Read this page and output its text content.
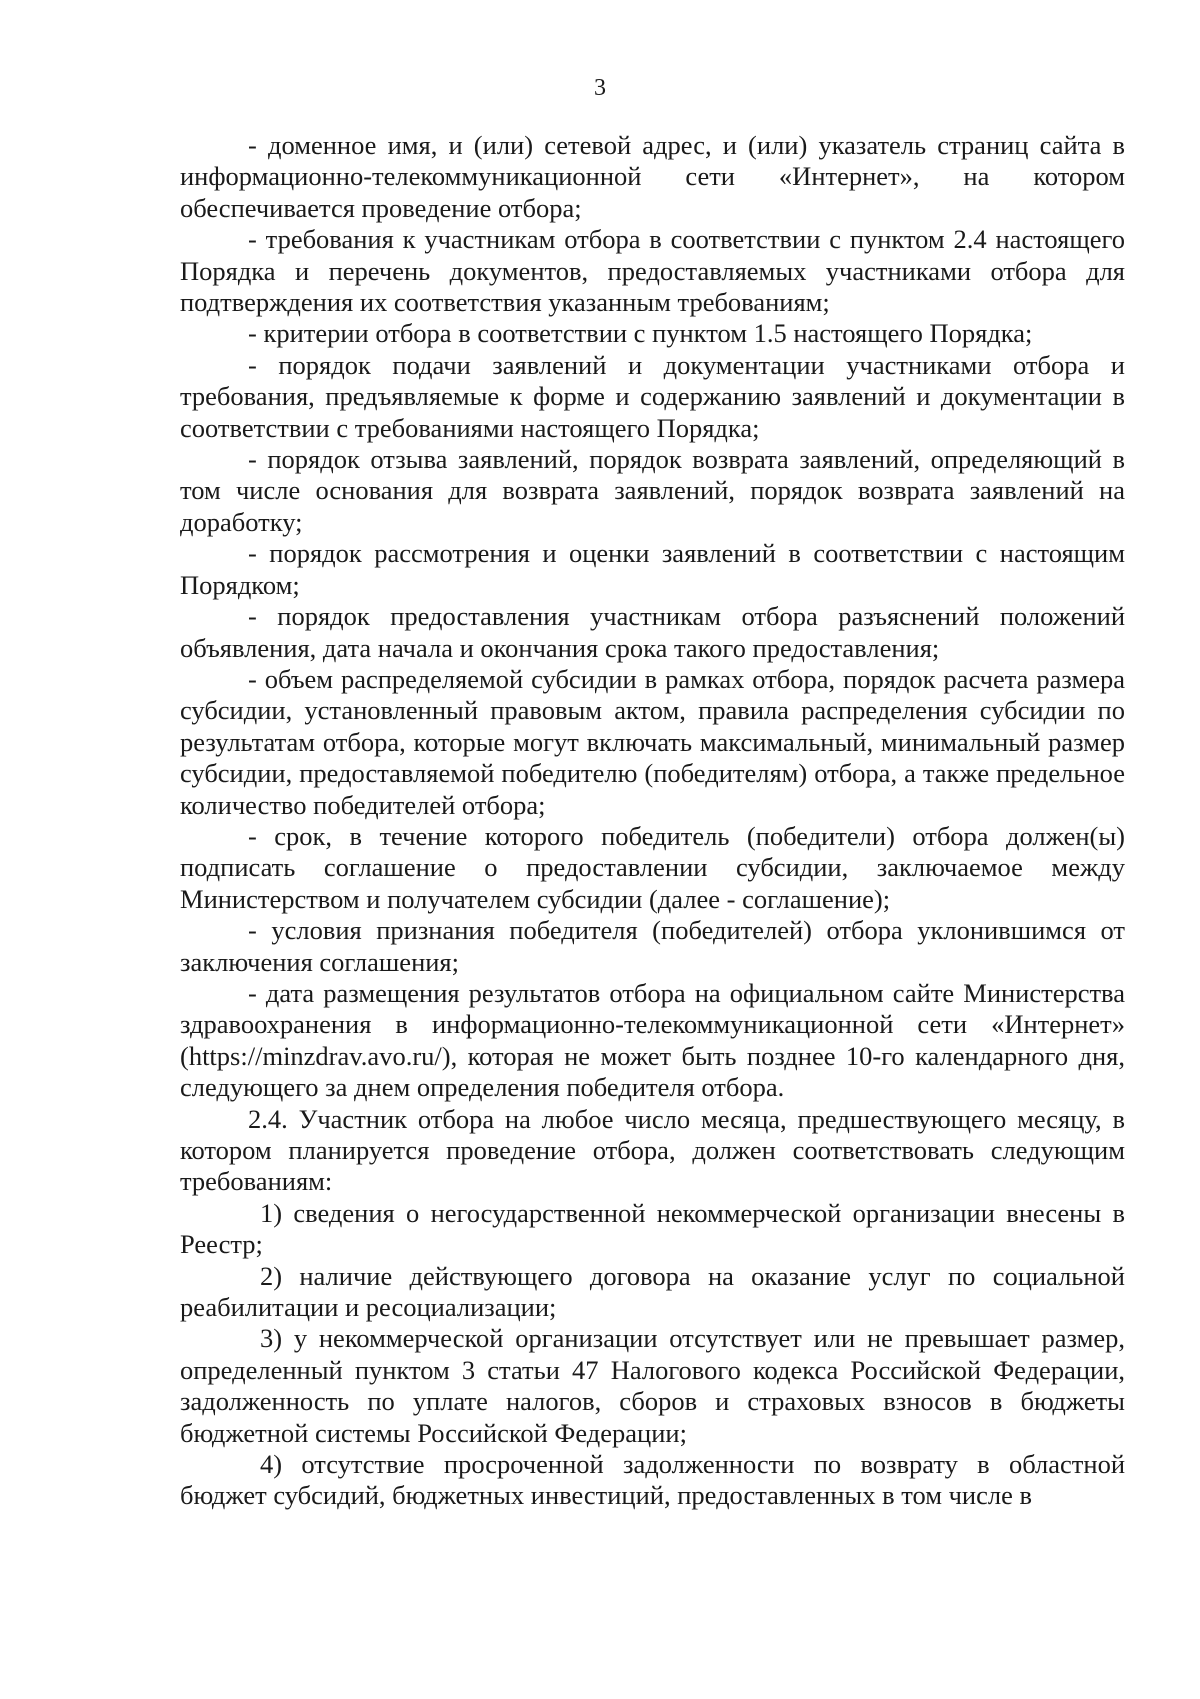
3

- доменное имя, и (или) сетевой адрес, и (или) указатель страниц сайта в информационно-телекоммуникационной сети «Интернет», на котором обеспечивается проведение отбора;

- требования к участникам отбора в соответствии с пунктом 2.4 настоящего Порядка и перечень документов, предоставляемых участниками отбора для подтверждения их соответствия указанным требованиям;

- критерии отбора в соответствии с пунктом 1.5 настоящего Порядка;

- порядок подачи заявлений и документации участниками отбора и требования, предъявляемые к форме и содержанию заявлений и документации в соответствии с требованиями настоящего Порядка;

- порядок отзыва заявлений, порядок возврата заявлений, определяющий в том числе основания для возврата заявлений, порядок возврата заявлений на доработку;

- порядок рассмотрения и оценки заявлений в соответствии с настоящим Порядком;

- порядок предоставления участникам отбора разъяснений положений объявления, дата начала и окончания срока такого предоставления;

- объем распределяемой субсидии в рамках отбора, порядок расчета размера субсидии, установленный правовым актом, правила распределения субсидии по результатам отбора, которые могут включать максимальный, минимальный размер субсидии, предоставляемой победителю (победителям) отбора, а также предельное количество победителей отбора;

- срок, в течение которого победитель (победители) отбора должен(ы) подписать соглашение о предоставлении субсидии, заключаемое между Министерством и получателем субсидии (далее - соглашение);

- условия признания победителя (победителей) отбора уклонившимся от заключения соглашения;

- дата размещения результатов отбора на официальном сайте Министерства здравоохранения в информационно-телекоммуникационной сети «Интернет» (https://minzdrav.avo.ru/), которая не может быть позднее 10-го календарного дня, следующего за днем определения победителя отбора.

2.4. Участник отбора на любое число месяца, предшествующего месяцу, в котором планируется проведение отбора, должен соответствовать следующим требованиям:

1) сведения о негосударственной некоммерческой организации внесены в Реестр;

2) наличие действующего договора на оказание услуг по социальной реабилитации и ресоциализации;

3) у некоммерческой организации отсутствует или не превышает размер, определенный пунктом 3 статьи 47 Налогового кодекса Российской Федерации, задолженность по уплате налогов, сборов и страховых взносов в бюджеты бюджетной системы Российской Федерации;

4) отсутствие просроченной задолженности по возврату в областной бюджет субсидий, бюджетных инвестиций, предоставленных в том числе в
